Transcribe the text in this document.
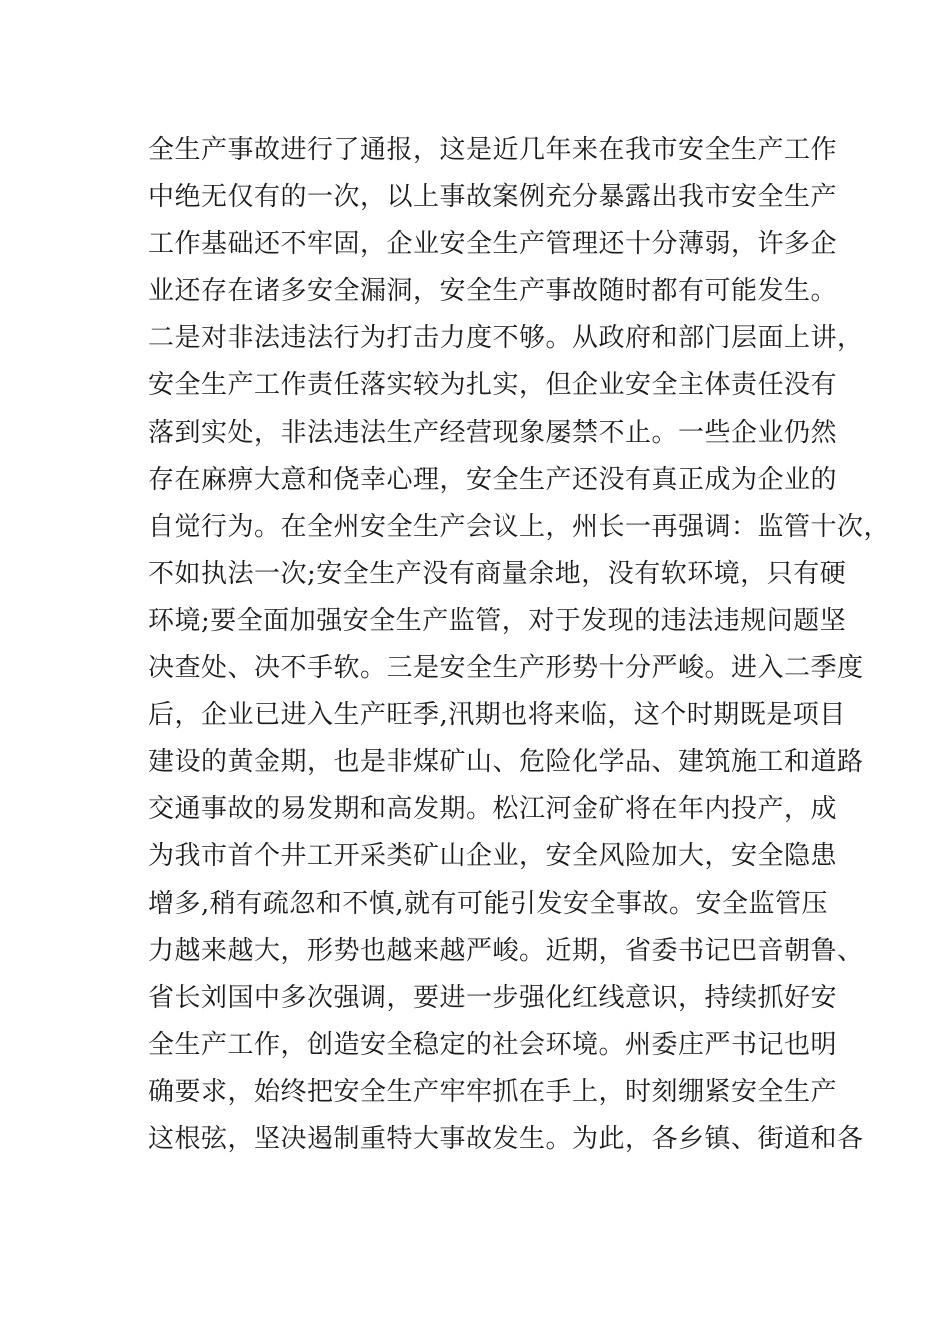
全生产事故进行了通报，这是近几年来在我市安全生产工作
中绝无仅有的一次，以上事故案例充分暴露出我市安全生产
工作基础还不牢固，企业安全生产管理还十分薄弱，许多企
业还存在诸多安全漏洞，安全生产事故随时都有可能发生。
二是对非法违法行为打击力度不够。从政府和部门层面上讲，
安全生产工作责任落实较为扎实，但企业安全主体责任没有
落到实处，非法违法生产经营现象屡禁不止。一些企业仍然
存在麻痹大意和侥幸心理，安全生产还没有真正成为企业的
自觉行为。在全州安全生产会议上，州长一再强调：监管十次，
不如执法一次;安全生产没有商量余地，没有软环境，只有硬
环境;要全面加强安全生产监管，对于发现的违法违规问题坚
决查处、决不手软。三是安全生产形势十分严峻。进入二季度
后，企业已进入生产旺季,汛期也将来临，这个时期既是项目
建设的黄金期，也是非煤矿山、危险化学品、建筑施工和道路
交通事故的易发期和高发期。松江河金矿将在年内投产，成
为我市首个井工开采类矿山企业，安全风险加大，安全隐患
增多,稍有疏忽和不慎,就有可能引发安全事故。安全监管压
力越来越大，形势也越来越严峻。近期，省委书记巴音朝鲁、
省长刘国中多次强调，要进一步强化红线意识，持续抓好安
全生产工作，创造安全稳定的社会环境。州委庄严书记也明
确要求，始终把安全生产牢牢抓在手上，时刻绷紧安全生产
这根弦，坚决遏制重特大事故发生。为此，各乡镇、街道和各
